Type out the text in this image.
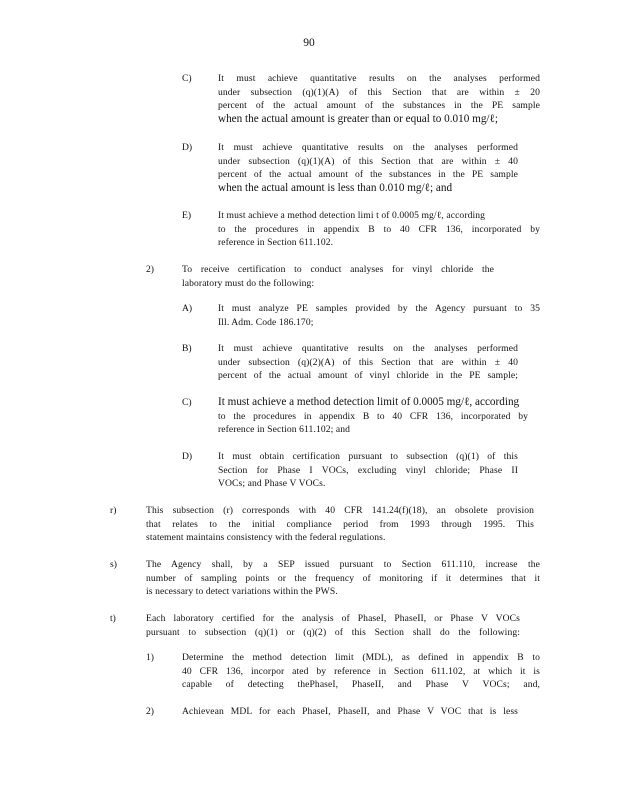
90
C)	It must achieve quantitative results on the analyses performed
under subsection (q)(1)(A) of this Section that are within ± 20
percent of the actual amount of the substances in the PE sample
when the actual amount is greater than or equal to 0.010 mg/ℓ;
D)	It must achieve quantitative results on the analyses performed
under subsection (q)(1)(A) of this Section that are within ± 40
percent of the actual amount of the substances in the PE sample
when the actual amount is less than 0.010 mg/ℓ; and
E)	It must achieve a method detection limi t of 0.0005 mg/ℓ, according
to the procedures in appendix B to 40 CFR 136, incorporated by
reference in Section 611.102.
2)	To receive certification to conduct analyses for vinyl chloride the
laboratory must do the following:
A)	It must analyze PE samples provided by the Agency pursuant to 35
Ill. Adm. Code 186.170;
B)	It must achieve quantitative results on the analyses performed
under subsection (q)(2)(A) of this Section that are within ± 40
percent of the actual amount of vinyl chloride in the PE sample;
C) It must achieve a method detection limit of 0.0005 mg/ℓ, according
to the procedures in appendix B to 40 CFR 136, incorporated by
reference in Section 611.102; and
D)	It must obtain certification pursuant to subsection (q)(1) of this
Section for Phase I VOCs, excluding vinyl chloride; Phase II
VOCs; and Phase V VOCs.
r)	This subsection (r) corresponds with 40 CFR 141.24(f)(18), an obsolete provision
that relates to the initial compliance period from 1993 through 1995. This
statement maintains consistency with the federal regulations.
s)	The Agency shall, by a SEP issued pursuant to Section 611.110, increase the
number of sampling points or the frequency of monitoring if it determines that it
is necessary to detect variations within the PWS.
t)	Each laboratory certified for the analysis of PhaseI, PhaseII, or Phase V VOCs
pursuant to subsection (q)(1) or (q)(2) of this Section shall do the following:
1)	Determine the method detection limit (MDL), as defined in appendix B to
40 CFR 136, incorpor ated by reference in Section 611.102, at which it is
capable of detecting thePhaseI, PhaseII, and Phase V VOCs; and,
2)	Achievean MDL for each PhaseI, PhaseII, and Phase V VOC that is less
